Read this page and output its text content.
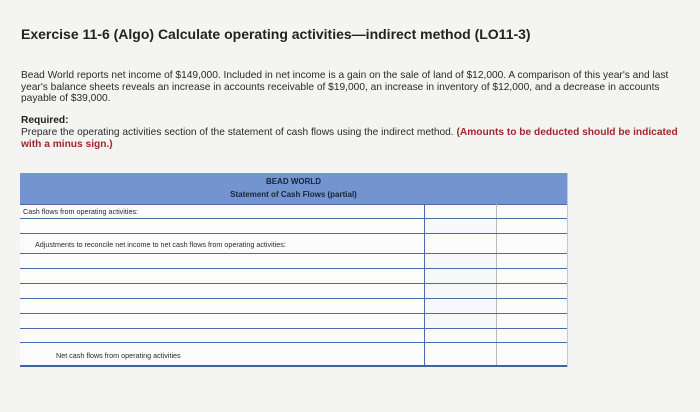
Exercise 11-6 (Algo) Calculate operating activities—indirect method (LO11-3)
Bead World reports net income of $149,000. Included in net income is a gain on the sale of land of $12,000. A comparison of this year's and last year's balance sheets reveals an increase in accounts receivable of $19,000, an increase in inventory of $12,000, and a decrease in accounts payable of $39,000.
Required:
Prepare the operating activities section of the statement of cash flows using the indirect method. (Amounts to be deducted should be indicated with a minus sign.)
BEAD WORLD
Statement of Cash Flows (partial)
Cash flows from operating activities:
Adjustments to reconcile net income to net cash flows from operating activities:
Net cash flows from operating activities
